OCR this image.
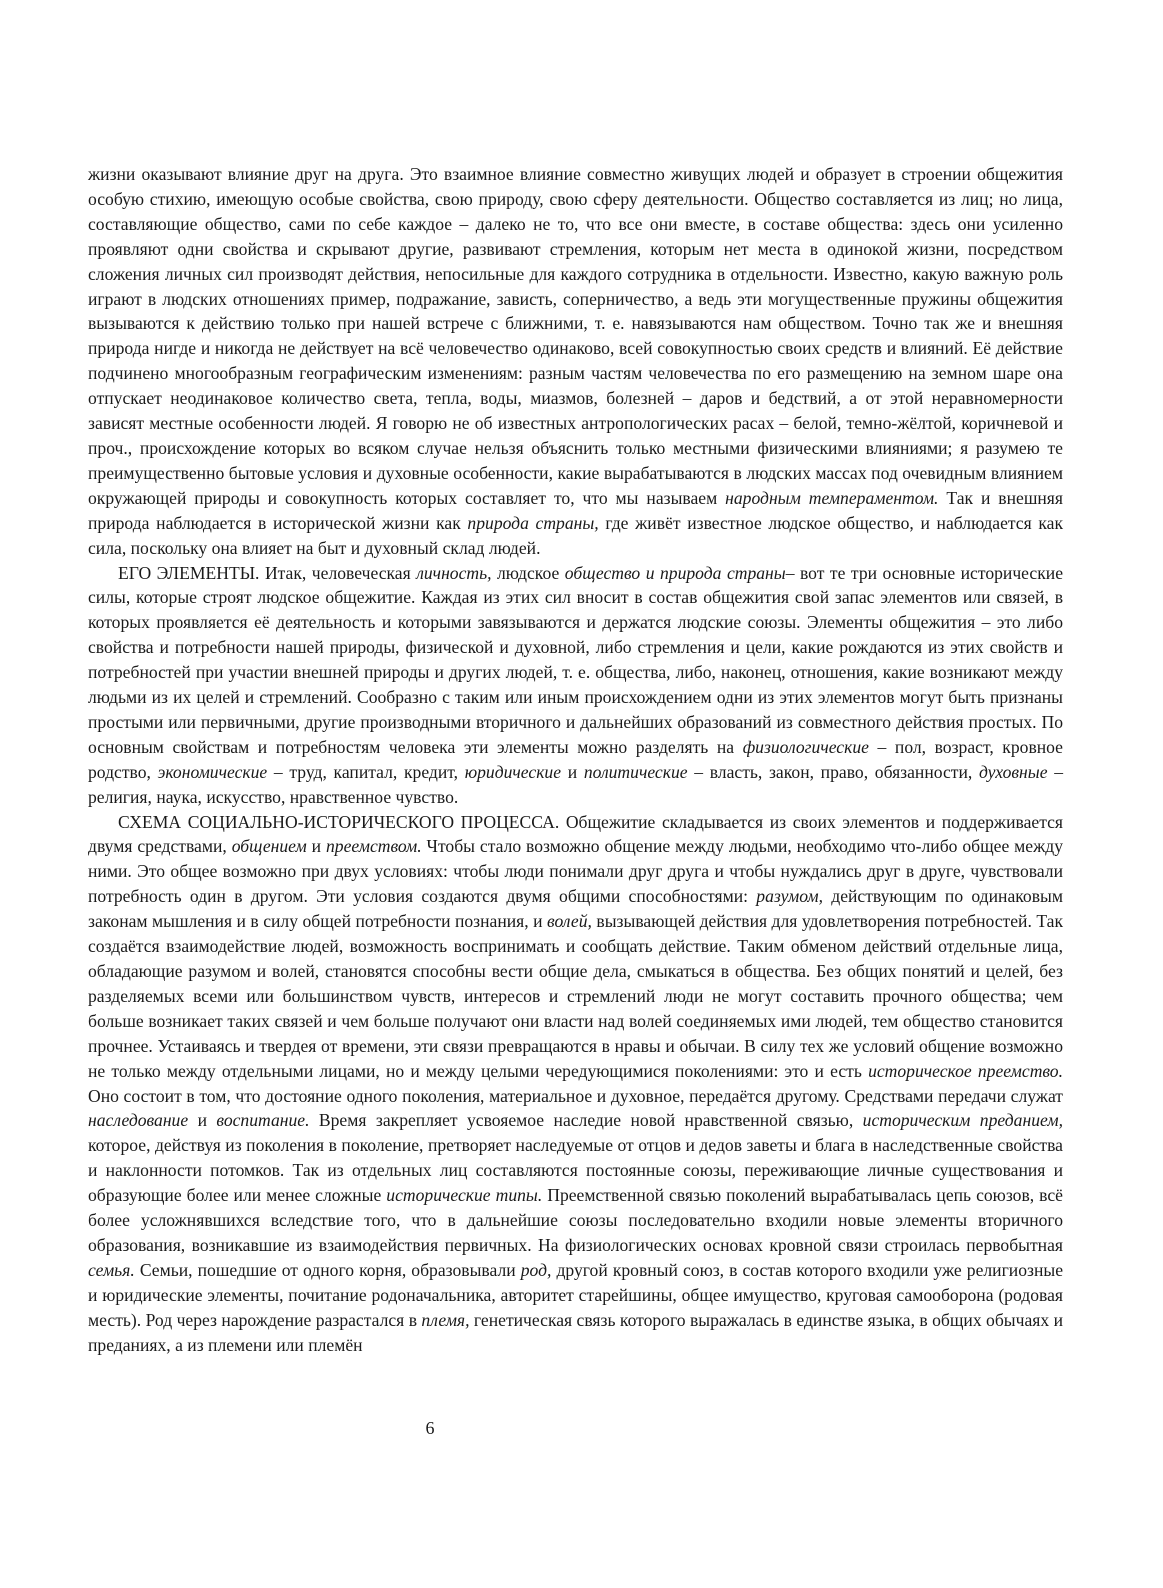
жизни оказывают влияние друг на друга. Это взаимное влияние совместно живущих людей и образует в строении общежития особую стихию, имеющую особые свойства, свою природу, свою сферу деятельности. Общество составляется из лиц; но лица, составляющие общество, сами по себе каждое – далеко не то, что все они вместе, в составе общества: здесь они усиленно проявляют одни свойства и скрывают другие, развивают стремления, которым нет места в одинокой жизни, посредством сложения личных сил производят действия, непосильные для каждого сотрудника в отдельности. Известно, какую важную роль играют в людских отношениях пример, подражание, зависть, соперничество, а ведь эти могущественные пружины общежития вызываются к действию только при нашей встрече с ближними, т. е. навязываются нам обществом. Точно так же и внешняя природа нигде и никогда не действует на всё человечество одинаково, всей совокупностью своих средств и влияний. Её действие подчинено многообразным географическим изменениям: разным частям человечества по его размещению на земном шаре она отпускает неодинаковое количество света, тепла, воды, миазмов, болезней – даров и бедствий, а от этой неравномерности зависят местные особенности людей. Я говорю не об известных антропологических расах – белой, темно-жёлтой, коричневой и проч., происхождение которых во всяком случае нельзя объяснить только местными физическими влияниями; я разумею те преимущественно бытовые условия и духовные особенности, какие вырабатываются в людских массах под очевидным влиянием окружающей природы и совокупность которых составляет то, что мы называем народным темпераментом. Так и внешняя природа наблюдается в исторической жизни как природа страны, где живёт известное людское общество, и наблюдается как сила, поскольку она влияет на быт и духовный склад людей.

ЕГО ЭЛЕМЕНТЫ. Итак, человеческая личность, людское общество и природа страны– вот те три основные исторические силы, которые строят людское общежитие. Каждая из этих сил вносит в состав общежития свой запас элементов или связей, в которых проявляется её деятельность и которыми завязываются и держатся людские союзы. Элементы общежития – это либо свойства и потребности нашей природы, физической и духовной, либо стремления и цели, какие рождаются из этих свойств и потребностей при участии внешней природы и других людей, т. е. общества, либо, наконец, отношения, какие возникают между людьми из их целей и стремлений. Сообразно с таким или иным происхождением одни из этих элементов могут быть признаны простыми или первичными, другие производными вторичного и дальнейших образований из совместного действия простых. По основным свойствам и потребностям человека эти элементы можно разделять на физиологические – пол, возраст, кровное родство, экономические – труд, капитал, кредит, юридические и политические – власть, закон, право, обязанности, духовные – религия, наука, искусство, нравственное чувство.

СХЕМА СОЦИАЛЬНО-ИСТОРИЧЕСКОГО ПРОЦЕССА. Общежитие складывается из своих элементов и поддерживается двумя средствами, общением и преемством. Чтобы стало возможно общение между людьми, необходимо что-либо общее между ними. Это общее возможно при двух условиях: чтобы люди понимали друг друга и чтобы нуждались друг в друге, чувствовали потребность один в другом. Эти условия создаются двумя общими способностями: разумом, действующим по одинаковым законам мышления и в силу общей потребности познания, и волей, вызывающей действия для удовлетворения потребностей. Так создаётся взаимодействие людей, возможность воспринимать и сообщать действие. Таким обменом действий отдельные лица, обладающие разумом и волей, становятся способны вести общие дела, смыкаться в общества. Без общих понятий и целей, без разделяемых всеми или большинством чувств, интересов и стремлений люди не могут составить прочного общества; чем больше возникает таких связей и чем больше получают они власти над волей соединяемых ими людей, тем общество становится прочнее. Устаиваясь и твердея от времени, эти связи превращаются в нравы и обычаи. В силу тех же условий общение возможно не только между отдельными лицами, но и между целыми чередующимися поколениями: это и есть историческое преемство. Оно состоит в том, что достояние одного поколения, материальное и духовное, передаётся другому. Средствами передачи служат наследование и воспитание. Время закрепляет усвояемое наследие новой нравственной связью, историческим преданием, которое, действуя из поколения в поколение, претворяет наследуемые от отцов и дедов заветы и блага в наследственные свойства и наклонности потомков. Так из отдельных лиц составляются постоянные союзы, переживающие личные существования и образующие более или менее сложные исторические типы. Преемственной связью поколений вырабатывалась цепь союзов, всё более усложнявшихся вследствие того, что в дальнейшие союзы последовательно входили новые элементы вторичного образования, возникавшие из взаимодействия первичных. На физиологических основах кровной связи строилась первобытная семья. Семьи, пошедшие от одного корня, образовывали род, другой кровный союз, в состав которого входили уже религиозные и юридические элементы, почитание родоначальника, авторитет старейшины, общее имущество, круговая самооборона (родовая месть). Род через нарождение разрастался в племя, генетическая связь которого выражалась в единстве языка, в общих обычаях и преданиях, а из племени или племён

6
